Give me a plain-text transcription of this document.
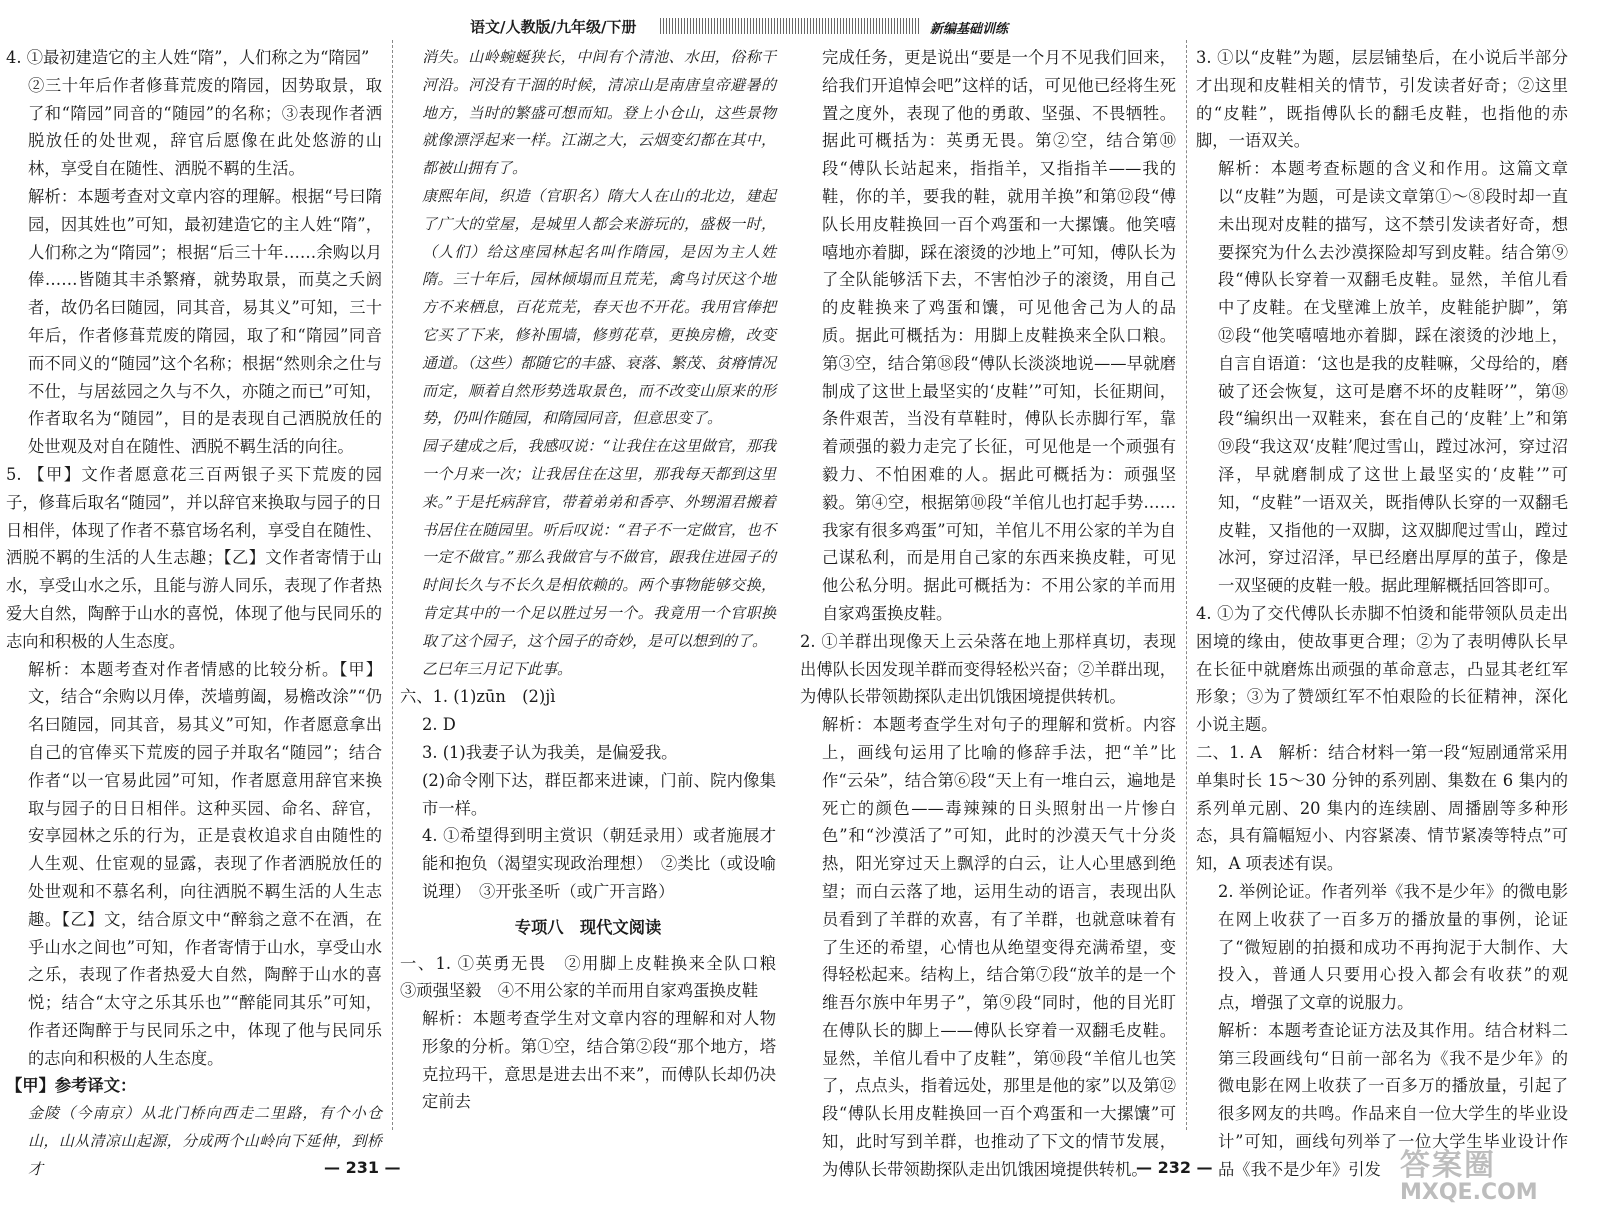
语文/人教版/九年级/下册	新编基础训练

4. ①最初建造它的主人姓“隋”，人们称之为“隋园”

②三十年后作者修葺荒废的隋园，因势取景，取了和“隋园”同音的“随园”的名称；③表现作者洒脱放任的处世观，辞官后愿像在此处悠游的山林，享受自在随性、洒脱不羁的生活。

解析：本题考查对文章内容的理解。根据“号曰隋园，因其姓也”可知，最初建造它的主人姓“隋”，人们称之为“隋园”；根据“后三十年……余购以月俸……皆随其丰杀繁瘠，就势取景，而莫之夭阏者，故仍名曰随园，同其音，易其义”可知，三十年后，作者修葺荒废的隋园，取了和“隋园”同音而不同义的“随园”这个名称；根据“然则余之仕与不仕，与居兹园之久与不久，亦随之而已”可知，作者取名为“随园”，目的是表现自己洒脱放任的处世观及对自在随性、洒脱不羁生活的向往。

5. 【甲】文作者愿意花三百两银子买下荒废的园子，修葺后取名“随园”，并以辞官来换取与园子的日日相伴，体现了作者不慕官场名利，享受自在随性、洒脱不羁的生活的人生志趣；【乙】文作者寄情于山水，享受山水之乐，且能与游人同乐，表现了作者热爱大自然，陶醉于山水的喜悦，体现了他与民同乐的志向和积极的人生态度。

解析：本题考查对作者情感的比较分析。【甲】文，结合“余购以月俸，茨墙剪阖，易檐改涂”“仍名曰随园，同其音，易其义”可知，作者愿意拿出自己的官俸买下荒废的园子并取名“随园”；结合作者“以一官易此园”可知，作者愿意用辞官来换取与园子的日日相伴。这种买园、命名、辞官，安享园林之乐的行为，正是袁枚追求自由随性的人生观、仕宦观的显露，表现了作者洒脱放任的处世观和不慕名利，向往洒脱不羁生活的人生志趣。【乙】文，结合原文中“醉翁之意不在酒，在乎山水之间也”可知，作者寄情于山水，享受山水之乐，表现了作者热爱大自然，陶醉于山水的喜悦；结合“太守之乐其乐也”“醉能同其乐”可知，作者还陶醉于与民同乐之中，体现了他与民同乐的志向和积极的人生态度。

【甲】参考译文：

金陵（今南京）从北门桥向西走二里路，有个小仓山，山从清凉山起源，分成两个山岭向下延伸，到桥才

消失。山岭蜿蜒狭长，中间有个清池、水田，俗称干河沿。河没有干涸的时候，清凉山是南唐皇帝避暑的地方，当时的繁盛可想而知。登上小仓山，这些景物就像漂浮起来一样。江湖之大，云烟变幻都在其中，都被山拥有了。

康熙年间，织造（官职名）隋大人在山的北边，建起了广大的堂屋，是城里人都会来游玩的，盛极一时，（人们）给这座园林起名叫作隋园，是因为主人姓隋。三十年后，园林倾塌而且荒芜，禽鸟讨厌这个地方不来栖息，百花荒芜，春天也不开花。我用官俸把它买了下来，修补围墙，修剪花草，更换房檐，改变通道。（这些）都随它的丰盛、衰落、繁茂、贫瘠情况而定，顺着自然形势选取景色，而不改变山原来的形势，仍叫作随园，和隋园同音，但意思变了。

园子建成之后，我感叹说：“让我住在这里做官，那我一个月来一次；让我居住在这里，那我每天都到这里来。”于是托病辞官，带着弟弟和香亭、外甥湄君搬着书居住在随园里。听后叹说：“君子不一定做官，也不一定不做官。”那么我做官与不做官，跟我住进园子的时间长久与不长久是相依赖的。两个事物能够交换，肯定其中的一个足以胜过另一个。我竟用一个官职换取了这个园子，这个园子的奇妙，是可以想到的了。

乙巳年三月记下此事。

六、1. (1)zūn　(2)jì

2. D

3. (1)我妻子认为我美，是偏爱我。

(2)命令刚下达，群臣都来进谏，门前、院内像集市一样。

4. ①希望得到明主赏识（朝廷录用）或者施展才能和抱负（渴望实现政治理想）　②类比（或设喻说理）　③开张圣听（或广开言路）

专项八　现代文阅读

一、1. ①英勇无畏　②用脚上皮鞋换来全队口粮　③顽强坚毅　④不用公家的羊而用自家鸡蛋换皮鞋

解析：本题考查学生对文章内容的理解和对人物形象的分析。第①空，结合第②段“那个地方，塔克拉玛干，意思是进去出不来”，而傅队长却仍决定前去

完成任务，更是说出“要是一个月不见我们回来，给我们开追悼会吧”这样的话，可见他已经将生死置之度外，表现了他的勇敢、坚强、不畏牺牲。据此可概括为：英勇无畏。第②空，结合第⑩段“傅队长站起来，指指羊，又指指羊——我的鞋，你的羊，要我的鞋，就用羊换”和第⑫段“傅队长用皮鞋换回一百个鸡蛋和一大摞馕。他笑嘻嘻地亦着脚，踩在滚烫的沙地上”可知，傅队长为了全队能够活下去，不害怕沙子的滚烫，用自己的皮鞋换来了鸡蛋和馕，可见他舍己为人的品质。据此可概括为：用脚上皮鞋换来全队口粮。第③空，结合第⑱段“傅队长淡淡地说——早就磨制成了这世上最坚实的‘皮鞋’”可知，长征期间，条件艰苦，当没有草鞋时，傅队长赤脚行军，靠着顽强的毅力走完了长征，可见他是一个顽强有毅力、不怕困难的人。据此可概括为：顽强坚毅。第④空，根据第⑩段“羊倌儿也打起手势……我家有很多鸡蛋”可知，羊倌儿不用公家的羊为自己谋私利，而是用自己家的东西来换皮鞋，可见他公私分明。据此可概括为：不用公家的羊而用自家鸡蛋换皮鞋。

2. ①羊群出现像天上云朵落在地上那样真切，表现出傅队长因发现羊群而变得轻松兴奋；②羊群出现，为傅队长带领勘探队走出饥饿困境提供转机。

解析：本题考查学生对句子的理解和赏析。内容上，画线句运用了比喻的修辞手法，把“羊”比作“云朵”，结合第⑥段“天上有一堆白云，遍地是死亡的颜色——毒辣辣的日头照射出一片惨白色”和“沙漠活了”可知，此时的沙漠天气十分炎热，阳光穿过天上飘浮的白云，让人心里感到绝望；而白云落了地，运用生动的语言，表现出队员看到了羊群的欢喜，有了羊群，也就意味着有了生还的希望，心情也从绝望变得充满希望，变得轻松起来。结构上，结合第⑦段“放羊的是一个维吾尔族中年男子”，第⑨段“同时，他的目光盯在傅队长的脚上——傅队长穿着一双翻毛皮鞋。显然，羊倌儿看中了皮鞋”，第⑩段“羊倌儿也笑了，点点头，指着远处，那里是他的家”以及第⑫段“傅队长用皮鞋换回一百个鸡蛋和一大摞馕”可知，此时写到羊群，也推动了下文的情节发展，为傅队长带领勘探队走出饥饿困境提供转机。

3. ①以“皮鞋”为题，层层铺垫后，在小说后半部分才出现和皮鞋相关的情节，引发读者好奇；②这里的“皮鞋”，既指傅队长的翻毛皮鞋，也指他的赤脚，一语双关。

解析：本题考查标题的含义和作用。这篇文章以“皮鞋”为题，可是读文章第①～⑧段时却一直未出现对皮鞋的描写，这不禁引发读者好奇，想要探究为什么去沙漠探险却写到皮鞋。结合第⑨段“傅队长穿着一双翻毛皮鞋。显然，羊倌儿看中了皮鞋。在戈壁滩上放羊，皮鞋能护脚”，第⑫段“他笑嘻嘻地亦着脚，踩在滚烫的沙地上，自言自语道：‘这也是我的皮鞋嘛，父母给的，磨破了还会恢复，这可是磨不坏的皮鞋呀’”，第⑱段“编织出一双鞋来，套在自己的‘皮鞋’上”和第⑲段“我这双‘皮鞋’爬过雪山，蹚过冰河，穿过沼泽，早就磨制成了这世上最坚实的‘皮鞋’”可知，“皮鞋”一语双关，既指傅队长穿的一双翻毛皮鞋，又指他的一双脚，这双脚爬过雪山，蹚过冰河，穿过沼泽，早已经磨出厚厚的茧子，像是一双坚硬的皮鞋一般。据此理解概括回答即可。

4. ①为了交代傅队长赤脚不怕烫和能带领队员走出困境的缘由，使故事更合理；②为了表明傅队长早在长征中就磨炼出顽强的革命意志，凸显其老红军形象；③为了赞颂红军不怕艰险的长征精神，深化小说主题。

二、1. A　解析：结合材料一第一段“短剧通常采用单集时长 15～30 分钟的系列剧、集数在 6 集内的系列单元剧、20 集内的连续剧、周播剧等多种形态，具有篇幅短小、内容紧凑、情节紧凑等特点”可知，A 项表述有误。

2. 举例论证。作者列举《我不是少年》的微电影在网上收获了一百多万的播放量的事例，论证了“微短剧的拍摄和成功不再拘泥于大制作、大投入，普通人只要用心投入都会有收获”的观点，增强了文章的说服力。

解析：本题考查论证方法及其作用。结合材料二第三段画线句“日前一部名为《我不是少年》的微电影在网上收获了一百多万的播放量，引起了很多网友的共鸣。作品来自一位大学生的毕业设计”可知，画线句列举了一位大学生毕业设计作品《我不是少年》引发

— 231 —	— 232 —	答案圈
MXQE.COM
